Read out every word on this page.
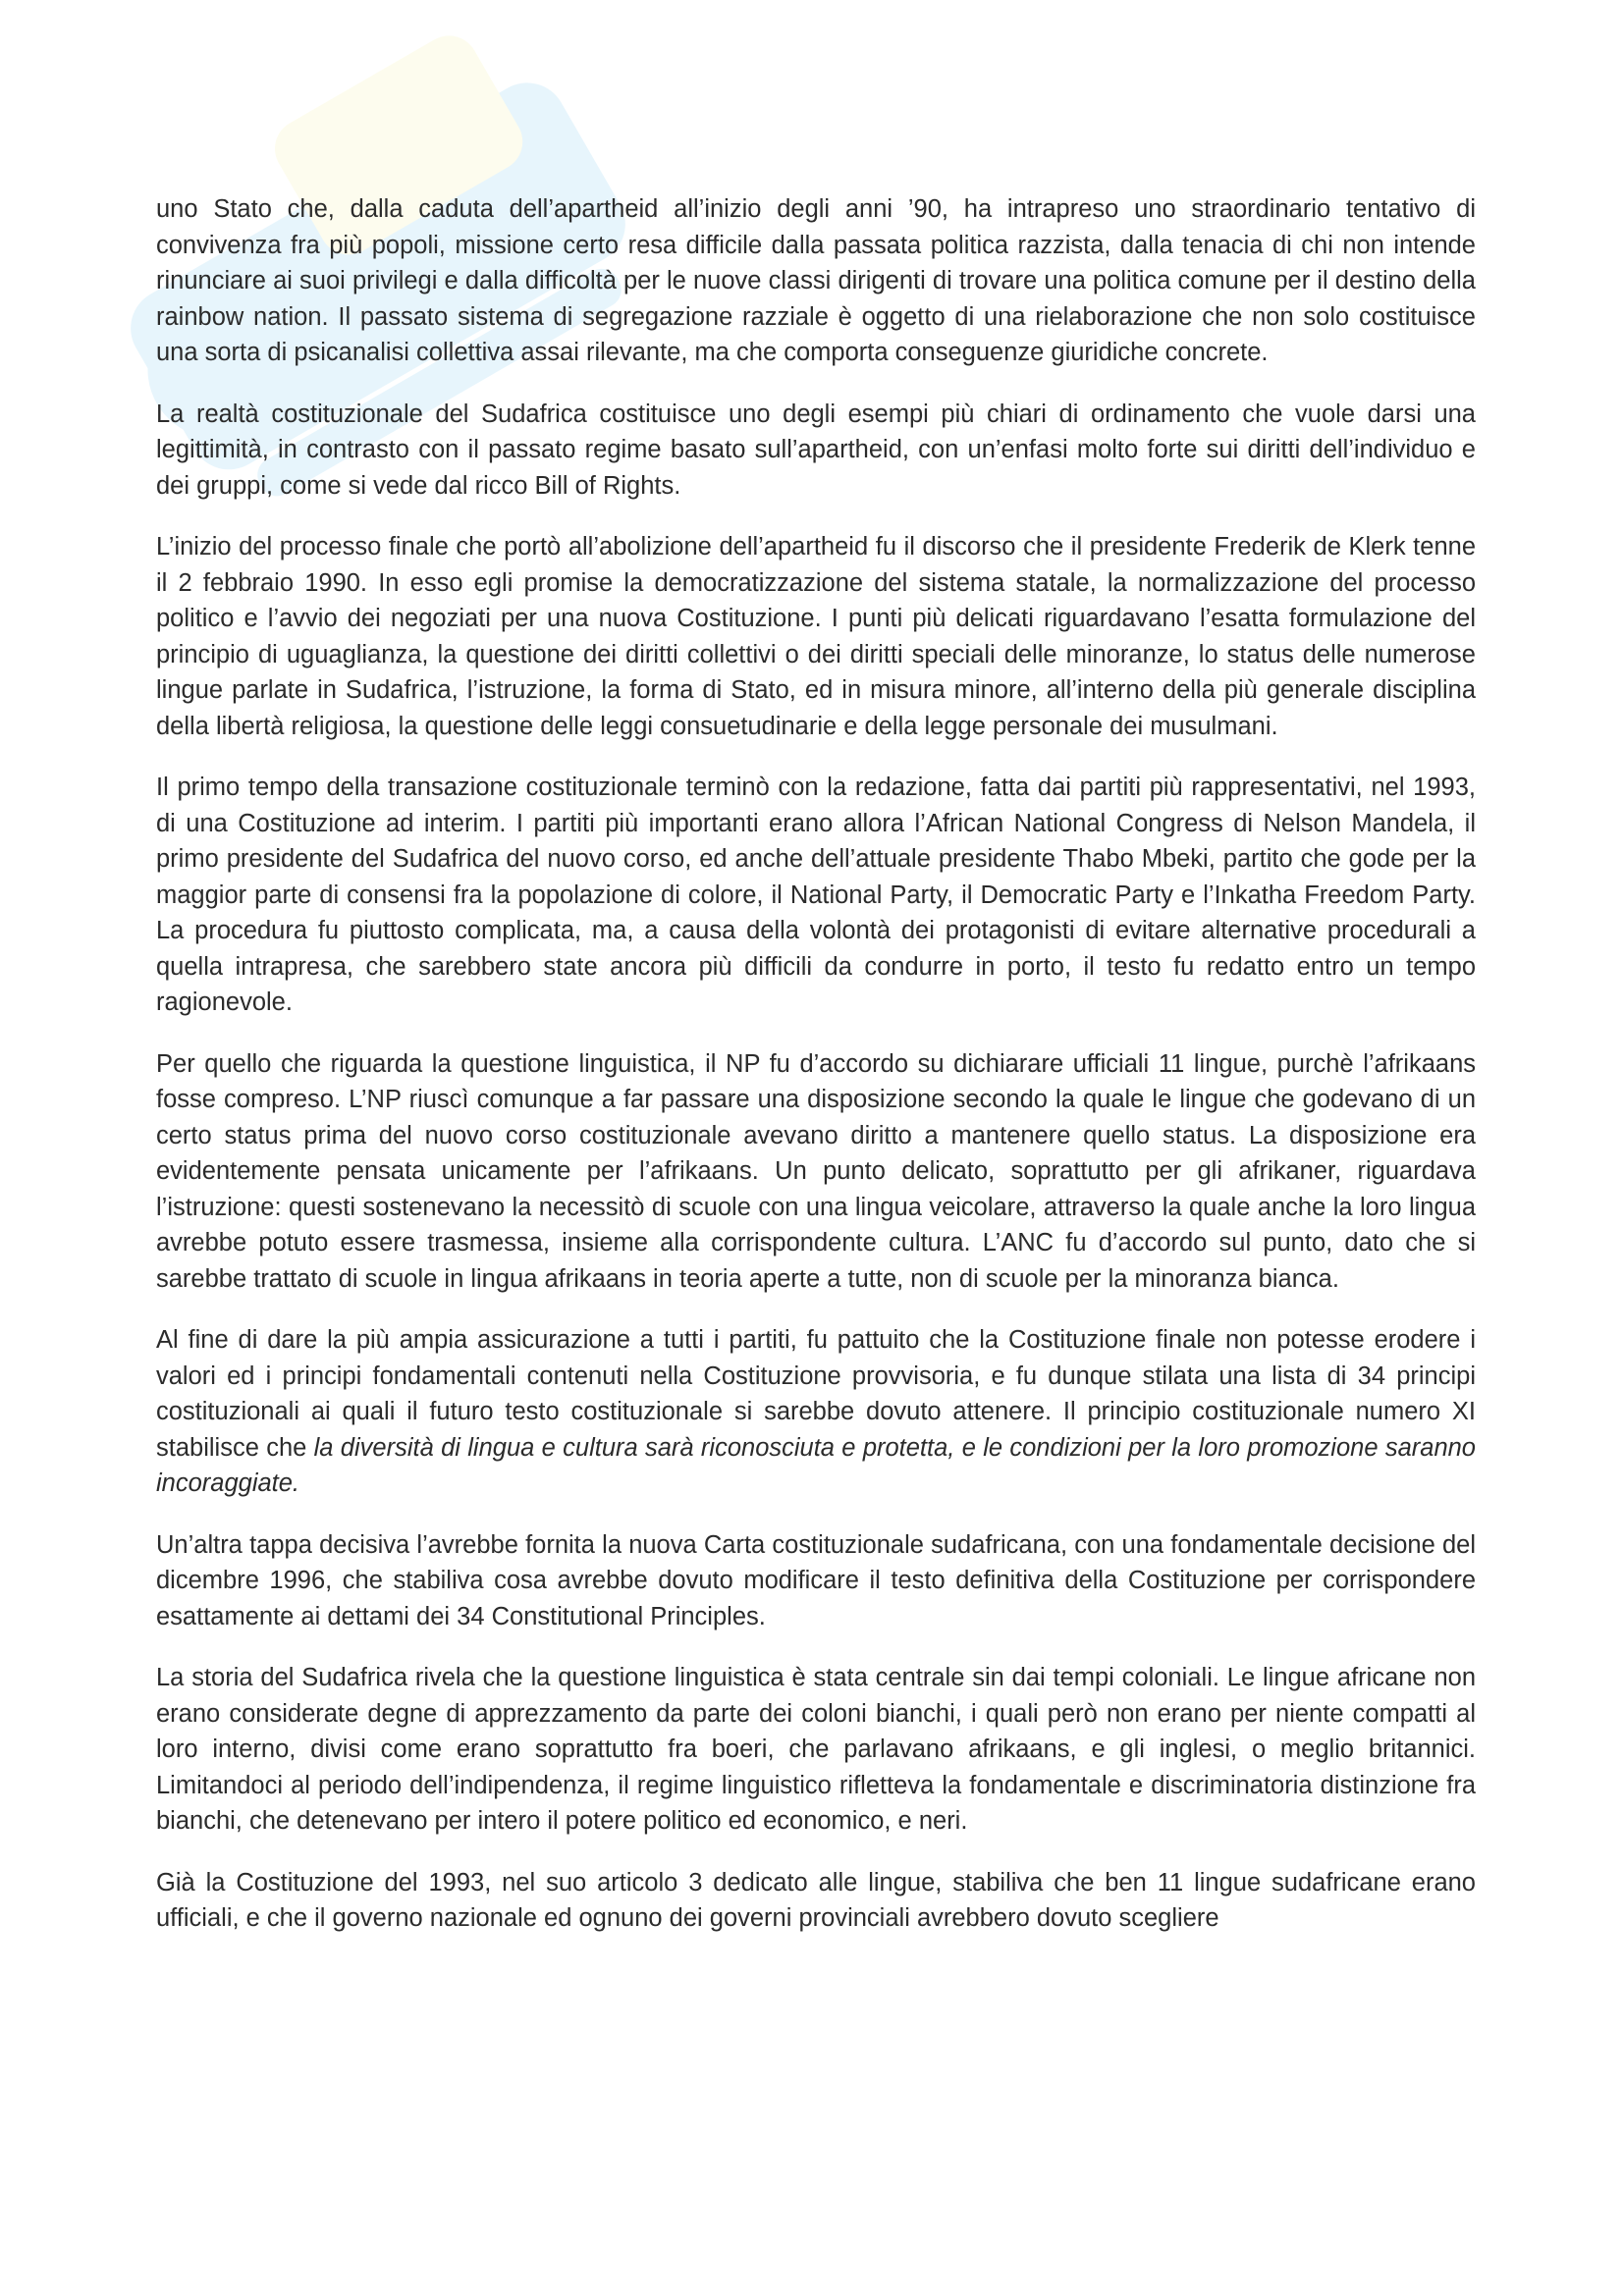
uno Stato che, dalla caduta dell’apartheid all’inizio degli anni ’90, ha intrapreso uno straordinario tentativo di convivenza fra più popoli, missione certo resa difficile dalla passata politica razzista, dalla tenacia di chi non intende rinunciare ai suoi privilegi e dalla difficoltà per le nuove classi dirigenti di trovare una politica comune per il destino della rainbow nation. Il passato sistema di segregazione razziale è oggetto di una rielaborazione che non solo costituisce una sorta di psicanalisi collettiva assai rilevante, ma che comporta conseguenze giuridiche concrete.

La realtà costituzionale del Sudafrica costituisce uno degli esempi più chiari di ordinamento che vuole darsi una legittimità, in contrasto con il passato regime basato sull’apartheid, con un’enfasi molto forte sui diritti dell’individuo e dei gruppi, come si vede dal ricco Bill of Rights.

L’inizio del processo finale che portò all’abolizione dell’apartheid fu il discorso che il presidente Frederik de Klerk tenne il 2 febbraio 1990. In esso egli promise la democratizzazione del sistema statale, la normalizzazione del processo politico e l’avvio dei negoziati per una nuova Costituzione. I punti più delicati riguardavano l’esatta formulazione del principio di uguaglianza, la questione dei diritti collettivi o dei diritti speciali delle minoranze, lo status delle numerose lingue parlate in Sudafrica, l’istruzione, la forma di Stato, ed in misura minore, all’interno della più generale disciplina della libertà religiosa, la questione delle leggi consuetudinarie e della legge personale dei musulmani.

Il primo tempo della transazione costituzionale terminò con la redazione, fatta dai partiti più rappresentativi, nel 1993, di una Costituzione ad interim. I partiti più importanti erano allora l’African National Congress di Nelson Mandela, il primo presidente del Sudafrica del nuovo corso, ed anche dell’attuale presidente Thabo Mbeki, partito che gode per la maggior parte di consensi fra la popolazione di colore, il National Party, il Democratic Party e l’Inkatha Freedom Party. La procedura fu piuttosto complicata, ma, a causa della volontà dei protagonisti di evitare alternative procedurali a quella intrapresa, che sarebbero state ancora più difficili da condurre in porto, il testo fu redatto entro un tempo ragionevole.

Per quello che riguarda la questione linguistica, il NP fu d’accordo su dichiarare ufficiali 11 lingue, purchè l’afrikaans fosse compreso. L’NP riuscì comunque a far passare una disposizione secondo la quale le lingue che godevano di un certo status prima del nuovo corso costituzionale avevano diritto a mantenere quello status. La disposizione era evidentemente pensata unicamente per l’afrikaans. Un punto delicato, soprattutto per gli afrikaner, riguardava l’istruzione: questi sostenevano la necessitò di scuole con una lingua veicolare, attraverso la quale anche la loro lingua avrebbe potuto essere trasmessa, insieme alla corrispondente cultura. L’ANC fu d’accordo sul punto, dato che si sarebbe trattato di scuole in lingua afrikaans in teoria aperte a tutte, non di scuole per la minoranza bianca.

Al fine di dare la più ampia assicurazione a tutti i partiti, fu pattuito che la Costituzione finale non potesse erodere i valori ed i principi fondamentali contenuti nella Costituzione provvisoria, e fu dunque stilata una lista di 34 principi costituzionali ai quali il futuro testo costituzionale si sarebbe dovuto attenere. Il principio costituzionale numero XI stabilisce che la diversità di lingua e cultura sarà riconosciuta e protetta, e le condizioni per la loro promozione saranno incoraggiate.

Un’altra tappa decisiva l’avrebbe fornita la nuova Carta costituzionale sudafricana, con una fondamentale decisione del dicembre 1996, che stabiliva cosa avrebbe dovuto modificare il testo definitiva della Costituzione per corrispondere esattamente ai dettami dei 34 Constitutional Principles.

La storia del Sudafrica rivela che la questione linguistica è stata centrale sin dai tempi coloniali. Le lingue africane non erano considerate degne di apprezzamento da parte dei coloni bianchi, i quali però non erano per niente compatti al loro interno, divisi come erano soprattutto fra boeri, che parlavano afrikaans, e gli inglesi, o meglio britannici. Limitandoci al periodo dell’indipendenza, il regime linguistico rifletteva la fondamentale e discriminatoria distinzione fra bianchi, che detenevano per intero il potere politico ed economico, e neri.

Già la Costituzione del 1993, nel suo articolo 3 dedicato alle lingue, stabiliva che ben 11 lingue sudafricane erano ufficiali, e che il governo nazionale ed ognuno dei governi provinciali avrebbero dovuto scegliere
